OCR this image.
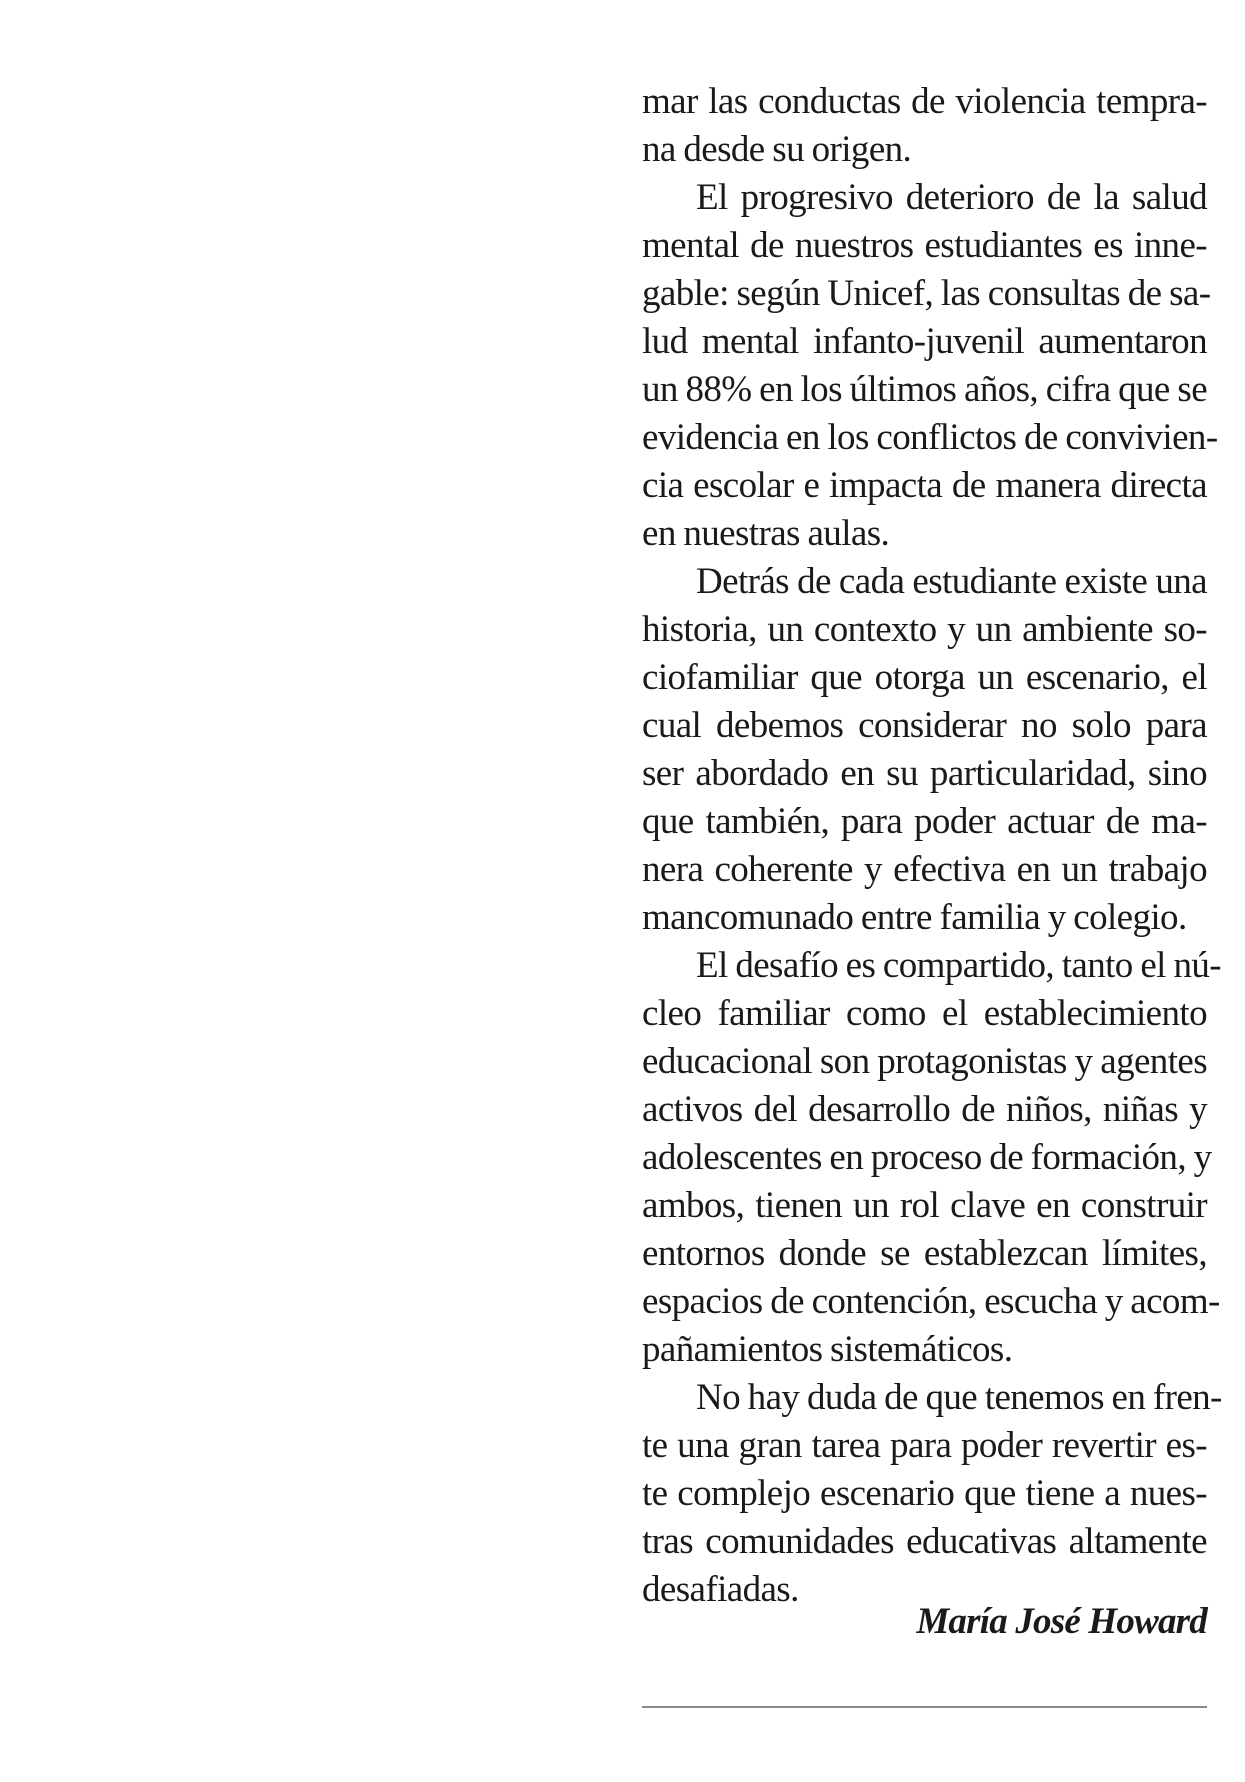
mar las conductas de violencia tempra-
na desde su origen.
El progresivo deterioro de la salud
mental de nuestros estudiantes es inne-
gable: según Unicef, las consultas de sa-
lud mental infanto-juvenil aumentaron
un 88% en los últimos años, cifra que se
evidencia en los conflictos de convivien-
cia escolar e impacta de manera directa
en nuestras aulas.
Detrás de cada estudiante existe una
historia, un contexto y un ambiente so-
ciofamiliar que otorga un escenario, el
cual debemos considerar no solo para
ser abordado en su particularidad, sino
que también, para poder actuar de ma-
nera coherente y efectiva en un trabajo
mancomunado entre familia y colegio.
El desafío es compartido, tanto el nú-
cleo familiar como el establecimiento
educacional son protagonistas y agentes
activos del desarrollo de niños, niñas y
adolescentes en proceso de formación, y
ambos, tienen un rol clave en construir
entornos donde se establezcan límites,
espacios de contención, escucha y acom-
pañamientos sistemáticos.
No hay duda de que tenemos en fren-
te una gran tarea para poder revertir es-
te complejo escenario que tiene a nues-
tras comunidades educativas altamente
desafiadas.
María José Howard
